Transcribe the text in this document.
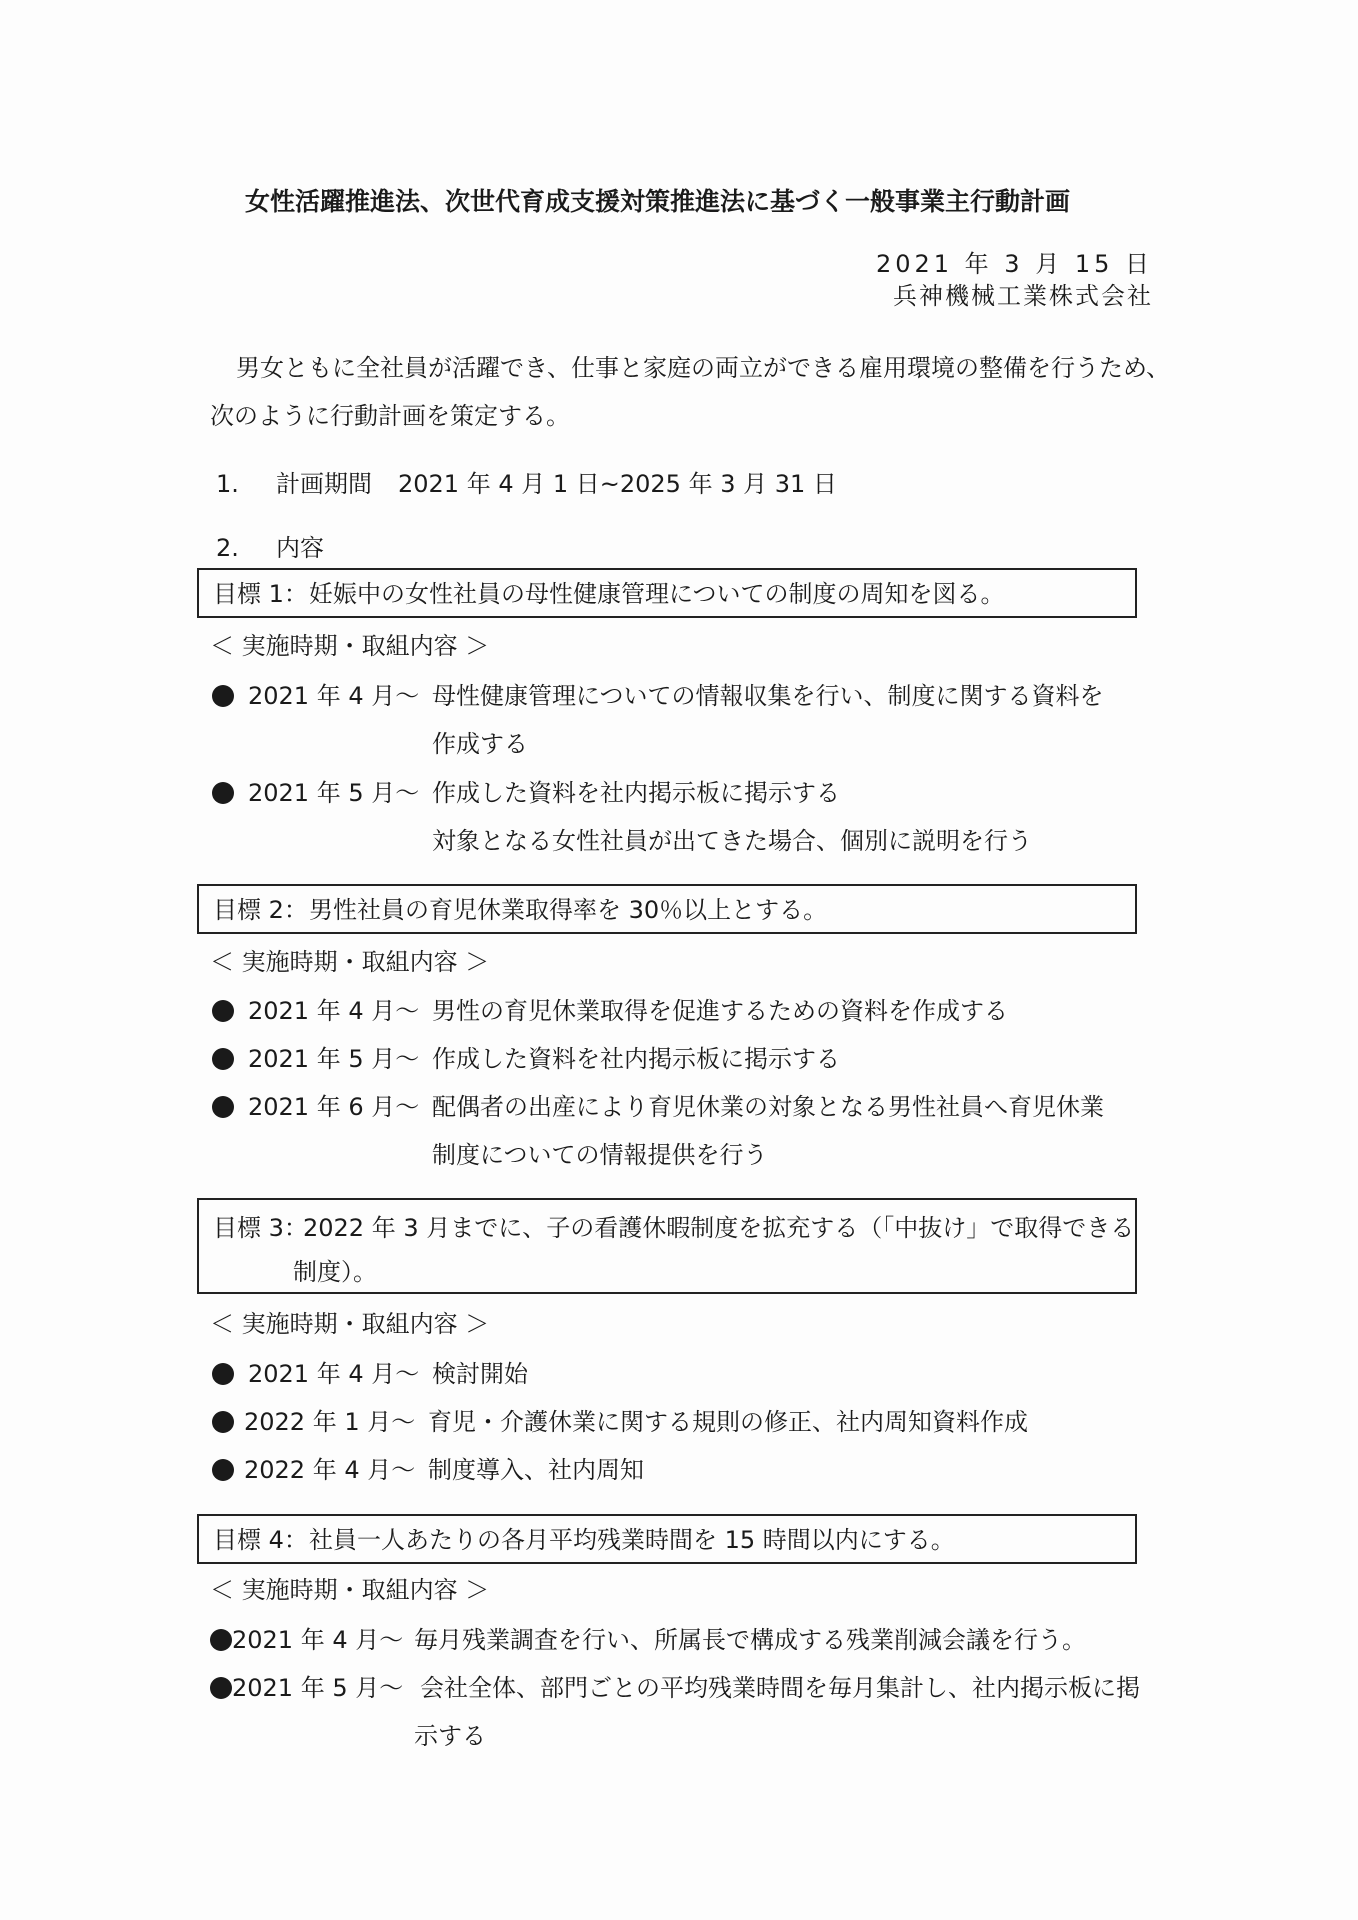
女性活躍推進法、次世代育成支援対策推進法に基づく一般事業主行動計画
2021 年 3 月 15 日
兵神機械工業株式会社
男女ともに全社員が活躍でき、仕事と家庭の両立ができる雇用環境の整備を行うため、
次のように行動計画を策定する。
1. 計画期間 2021 年 4 月 1 日~2025 年 3 月 31 日
2. 内容
目標 1： 妊娠中の女性社員の母性健康管理についての制度の周知を図る。
＜ 実施時期・取組内容 ＞
2021 年 4 月～ 母性健康管理についての情報収集を行い、制度に関する資料を
作成する
2021 年 5 月～ 作成した資料を社内掲示板に掲示する
対象となる女性社員が出てきた場合、個別に説明を行う
目標 2： 男性社員の育児休業取得率を 30％以上とする。
＜ 実施時期・取組内容 ＞
2021 年 4 月～ 男性の育児休業取得を促進するための資料を作成する
2021 年 5 月～ 作成した資料を社内掲示板に掲示する
2021 年 6 月～ 配偶者の出産により育児休業の対象となる男性社員へ育児休業
制度についての情報提供を行う
目標 3：
2022 年 3 月までに、子の看護休暇制度を拡充する（「中抜け」で取得できる
制度）。
＜ 実施時期・取組内容 ＞
2021 年 4 月～ 検討開始
2022 年 1 月～ 育児・介護休業に関する規則の修正、社内周知資料作成
2022 年 4 月～ 制度導入、社内周知
目標 4： 社員一人あたりの各月平均残業時間を 15 時間以内にする。
＜ 実施時期・取組内容 ＞
2021 年 4 月～ 毎月残業調査を行い、所属長で構成する残業削減会議を行う。
2021 年 5 月～ 会社全体、部門ごとの平均残業時間を毎月集計し、社内掲示板に掲
示する
